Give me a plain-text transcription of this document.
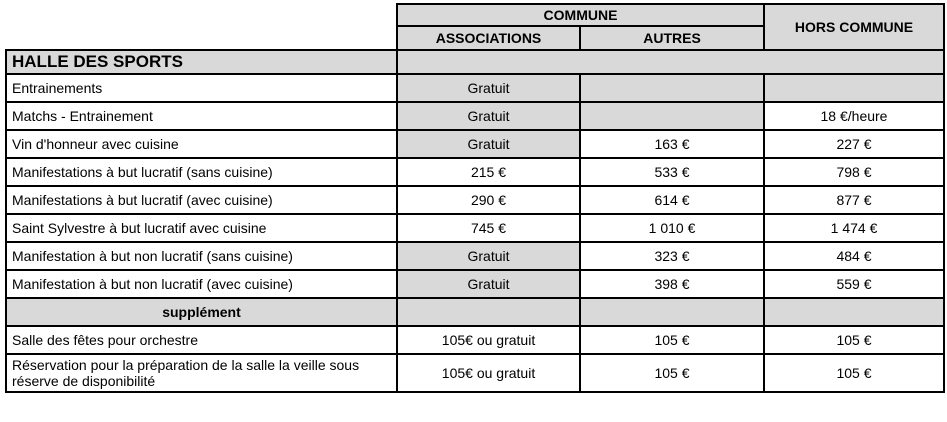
	COMMUNE		HORS COMMUNE
	ASSOCIATIONS	AUTRES	
HALLE DES SPORTS			
Entrainements	Gratuit		
Matchs - Entrainement	Gratuit		18 €/heure
Vin d'honneur avec cuisine	Gratuit	163 €	227 €
Manifestations à but lucratif (sans cuisine)	215 €	533 €	798 €
Manifestations à but lucratif (avec cuisine)	290 €	614 €	877 €
Saint Sylvestre à but lucratif avec cuisine	745 €	1 010 €	1 474 €
Manifestation à but non lucratif (sans cuisine)	Gratuit	323 €	484 €
Manifestation à but non lucratif (avec cuisine)	Gratuit	398 €	559 €
supplément			
Salle des fêtes pour orchestre	105€ ou gratuit	105 €	105 €
Réservation pour la préparation de la salle la veille sous réserve de disponibilité	105€ ou gratuit	105 €	105 €
